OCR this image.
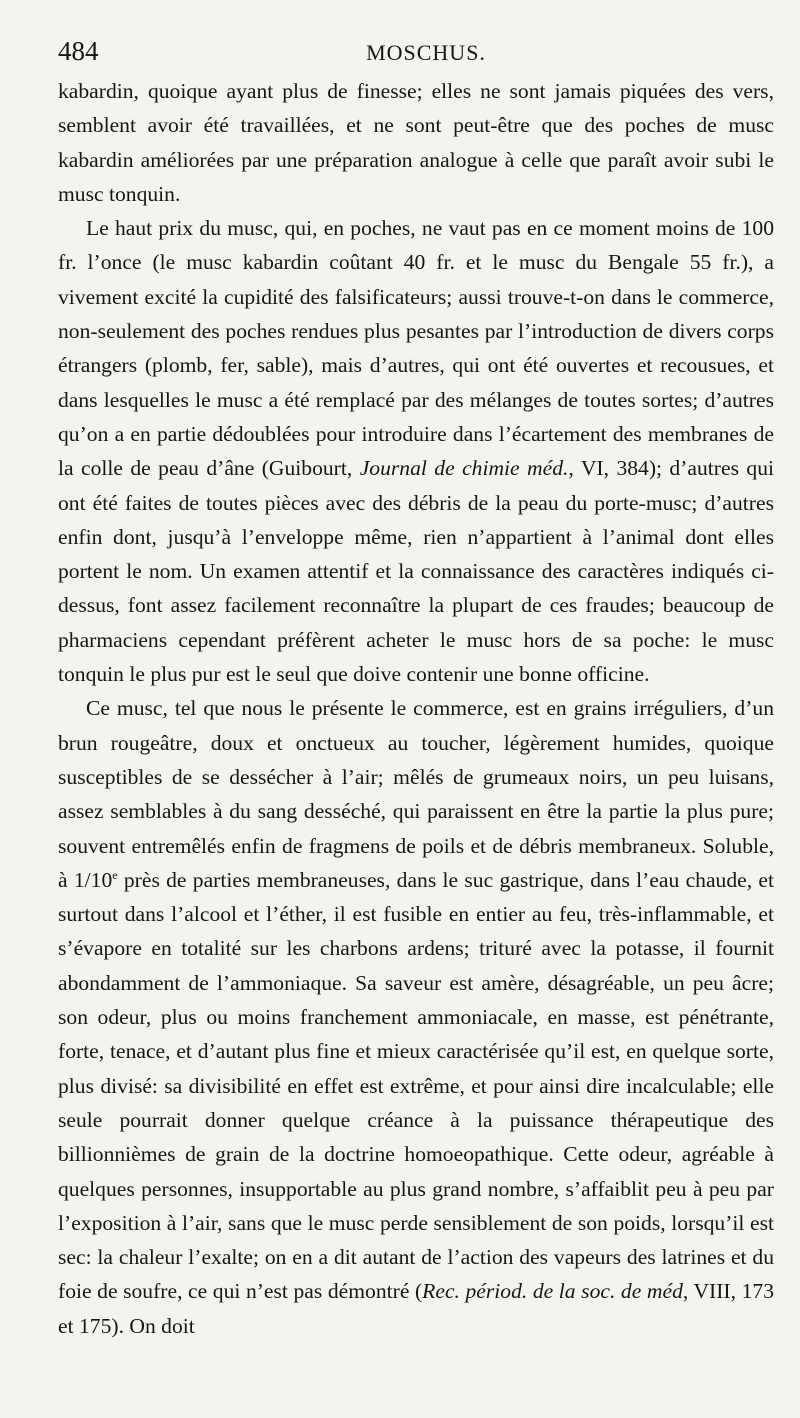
484	MOSCHUS.

kabardin, quoique ayant plus de finesse; elles ne sont jamais piquées des vers, semblent avoir été travaillées, et ne sont peut-être que des poches de musc kabardin améliorées par une préparation analogue à celle que paraît avoir subi le musc tonquin.

Le haut prix du musc, qui, en poches, ne vaut pas en ce moment moins de 100 fr. l’once (le musc kabardin coûtant 40 fr. et le musc du Bengale 55 fr.), a vivement excité la cupidité des falsificateurs; aussi trouve-t-on dans le commerce, non-seulement des poches rendues plus pesantes par l’introduction de divers corps étrangers (plomb, fer, sable), mais d’autres, qui ont été ouvertes et recousues, et dans lesquelles le musc a été remplacé par des mélanges de toutes sortes; d’autres qu’on a en partie dédoublées pour introduire dans l’écartement des membranes de la colle de peau d’âne (Guibourt, Journal de chimie méd., VI, 384); d’autres qui ont été faites de toutes pièces avec des débris de la peau du porte-musc; d’autres enfin dont, jusqu’à l’enveloppe même, rien n’appartient à l’animal dont elles portent le nom. Un examen attentif et la connaissance des caractères indiqués ci-dessus, font assez facilement reconnaître la plupart de ces fraudes; beaucoup de pharmaciens cependant préfèrent acheter le musc hors de sa poche: le musc tonquin le plus pur est le seul que doive contenir une bonne officine.

Ce musc, tel que nous le présente le commerce, est en grains irréguliers, d’un brun rougeâtre, doux et onctueux au toucher, légèrement humides, quoique susceptibles de se dessécher à l’air; mêlés de grumeaux noirs, un peu luisans, assez semblables à du sang desséché, qui paraissent en être la partie la plus pure; souvent entremêlés enfin de fragmens de poils et de débris membraneux. Soluble, à 1/10e près de parties membraneuses, dans le suc gastrique, dans l’eau chaude, et surtout dans l’alcool et l’éther, il est fusible en entier au feu, très-inflammable, et s’évapore en totalité sur les charbons ardens; trituré avec la potasse, il fournit abondamment de l’ammoniaque. Sa saveur est amère, désagréable, un peu âcre; son odeur, plus ou moins franchement ammoniacale, en masse, est pénétrante, forte, tenace, et d’autant plus fine et mieux caractérisée qu’il est, en quelque sorte, plus divisé: sa divisibilité en effet est extrême, et pour ainsi dire incalculable; elle seule pourrait donner quelque créance à la puissance thérapeutique des billionnièmes de grain de la doctrine homoeopathique. Cette odeur, agréable à quelques personnes, insupportable au plus grand nombre, s’affaiblit peu à peu par l’exposition à l’air, sans que le musc perde sensiblement de son poids, lorsqu’il est sec: la chaleur l’exalte; on en a dit autant de l’action des vapeurs des latrines et du foie de soufre, ce qui n’est pas démontré (Rec. périod. de la soc. de méd, VIII, 173 et 175). On doit
